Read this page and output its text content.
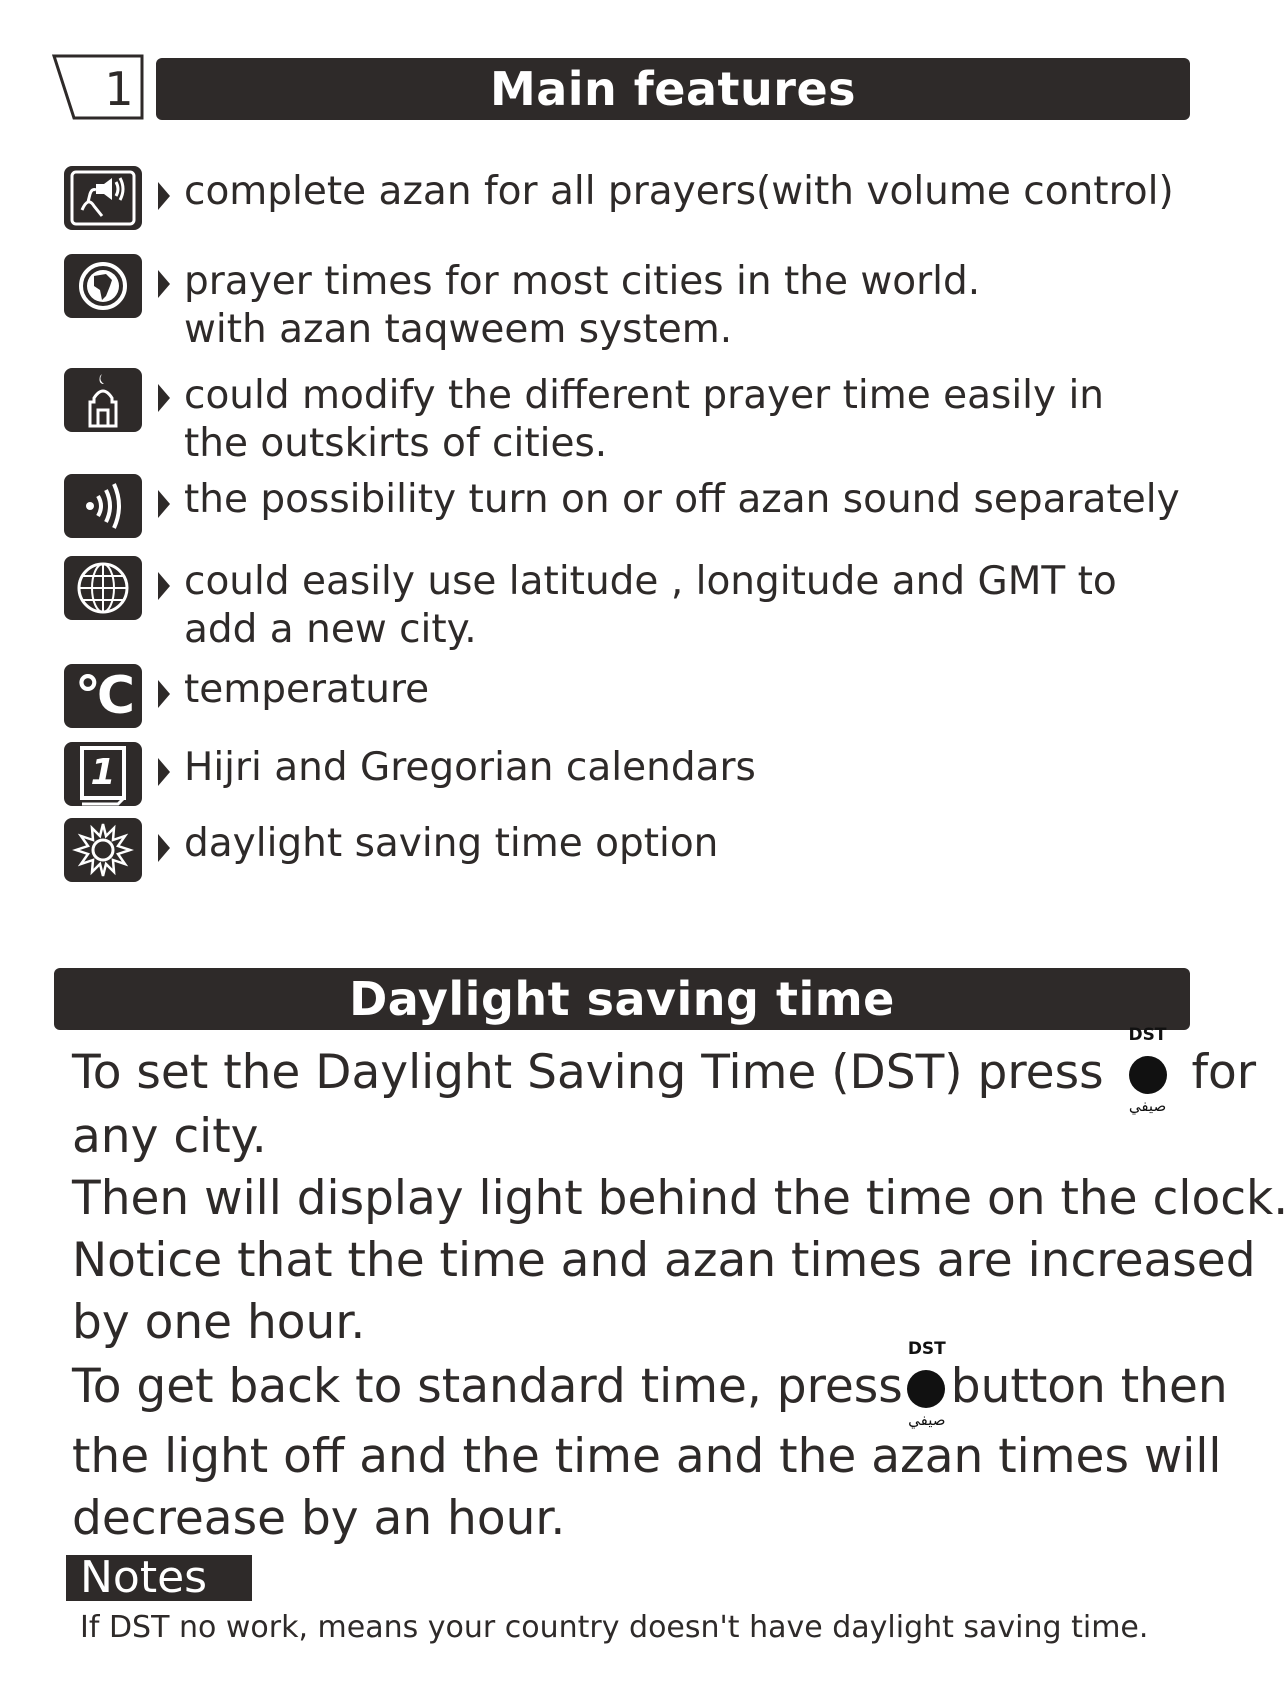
1	Main features
complete azan for all prayers(with volume control)
prayer times for most cities in the world.
with azan taqweem system.
could modify the different prayer time easily in
the outskirts of cities.
the possibility turn on or off azan sound separately
could easily use latitude , longitude and GMT to
add a new city.
°C temperature
1	Hijri and Gregorian calendars
daylight saving time option
Daylight saving time
To set the Daylight Saving Time (DST) press
DST
صيفي
for
any city.
Then will display light behind the time on the clock.
Notice that the time and azan times are increased
by one hour.
To get back to standard time, press
DST
صيفي
button then
the light off and the time and the azan times will
decrease by an hour.
Notes
If DST no work, means your country doesn't have daylight saving time.
